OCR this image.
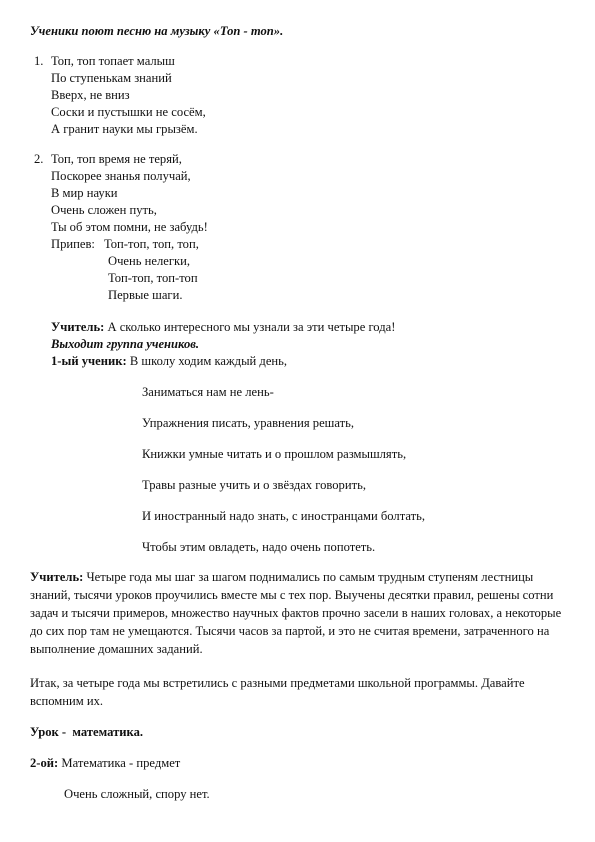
Ученики поют песню на музыку «Топ - топ».
1. Топ, топ топает малыш
По ступенькам знаний
Вверх, не вниз
Соски и пустышки не сосём,
А гранит науки мы грызём.
2. Топ, топ время не теряй,
Поскорее знанья получай,
В мир науки
Очень сложен путь,
Ты об этом помни, не забудь!
Припев: Топ-топ, топ, топ,
Очень нелегки,
Топ-топ, топ-топ
Первые шаги.
Учитель: А сколько интересного мы узнали за эти четыре года!
Выходит группа учеников.
1-ый ученик: В школу ходим каждый день,
Заниматься нам не лень-
Упражнения писать, уравнения решать,
Книжки умные читать и о прошлом размышлять,
Травы разные учить и о звёздах говорить,
И иностранный надо знать, с иностранцами болтать,
Чтобы этим овладеть, надо очень попотеть.
Учитель: Четыре года мы шаг за шагом поднимались по самым трудным ступеням лестницы знаний, тысячи уроков проучились вместе мы с тех пор. Выучены десятки правил, решены сотни задач и тысячи примеров, множество научных фактов прочно засели в наших головах, а некоторые до сих пор там не умещаются. Тысячи часов за партой, и это не считая времени, затраченного на выполнение домашних заданий.
Итак, за четыре года мы встретились с разными предметами школьной программы. Давайте вспомним их.
Урок - математика.
2-ой: Математика - предмет
Очень сложный, спору нет.
